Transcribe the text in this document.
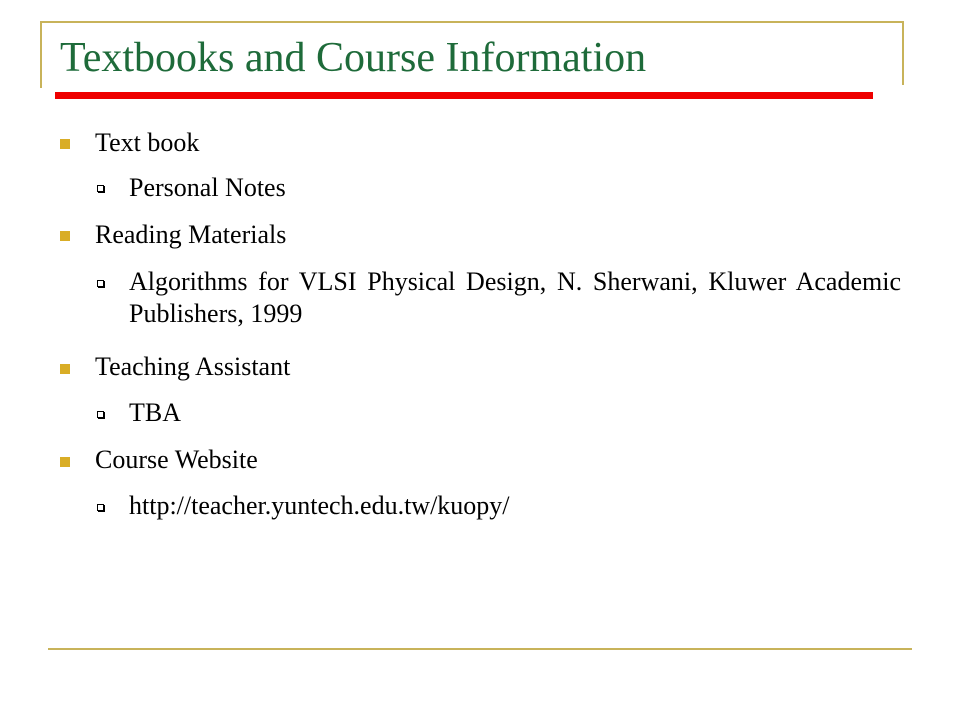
Textbooks and Course Information
Text book
Personal Notes
Reading Materials
Algorithms for VLSI Physical Design, N. Sherwani, Kluwer Academic Publishers, 1999
Teaching Assistant
TBA
Course Website
http://teacher.yuntech.edu.tw/kuopy/
